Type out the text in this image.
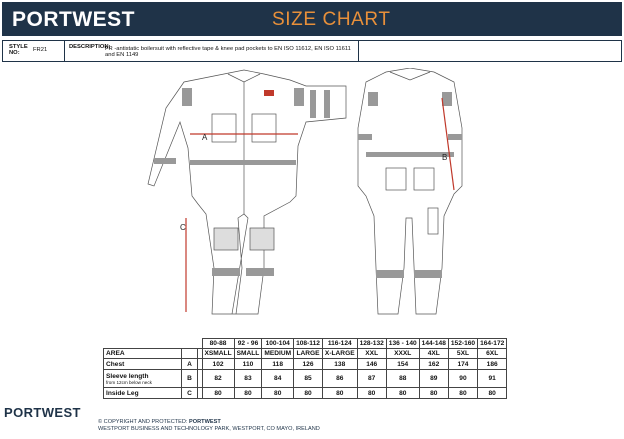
PORTWEST	SIZE CHART
STYLE NO:	FR21	DESCRIPTION:
FR -antistatic boilersuit with reflective tape & knee pad pockets to EN ISO 11612, EN ISO 11611 and EN 1149
A
C
B
			80-88	92 - 96	100-104	108-112	116-124	128-132	136 - 140	144-148	152-160	164-172
AREA			XSMALL	SMALL	MEDIUM	LARGE	X-LARGE	XXL	XXXL	4XL	5XL	6XL
Chest	A		102	110	118	126	138	146	154	162	174	186
Sleeve length
from 12cm below neck	B		82	83	84	85	86	87	88	89	90	91
Inside Leg	C		80	80	80	80	80	80	80	80	80	80
PORTWEST
© COPYRIGHT AND PROTECTED: PORTWEST
WESTPORT BUSINESS AND TECHNOLOGY PARK, WESTPORT, CO MAYO, IRELAND
